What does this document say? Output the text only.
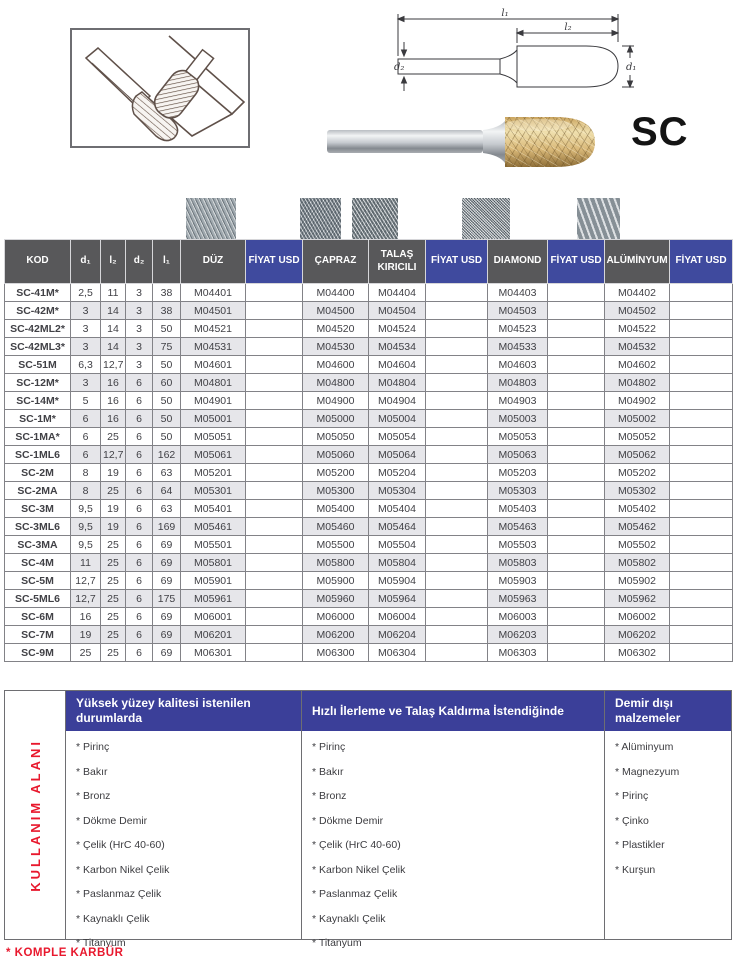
l₁
l₂
d₂	d₁
SC
KOD	d₁	l₂	d₂	l₁	DÜZ	FİYAT USD	ÇAPRAZ	TALAŞ KIRICILI	FİYAT USD	DIAMOND	FİYAT USD	ALÜMİNYUM	FİYAT USD
SC-41M*	2,5	11	3	38	M04401		M04400	M04404		M04403		M04402	
SC-42M*	3	14	3	38	M04501		M04500	M04504		M04503		M04502	
SC-42ML2*	3	14	3	50	M04521		M04520	M04524		M04523		M04522	
SC-42ML3*	3	14	3	75	M04531		M04530	M04534		M04533		M04532	
SC-51M	6,3	12,7	3	50	M04601		M04600	M04604		M04603		M04602	
SC-12M*	3	16	6	60	M04801		M04800	M04804		M04803		M04802	
SC-14M*	5	16	6	50	M04901		M04900	M04904		M04903		M04902	
SC-1M*	6	16	6	50	M05001		M05000	M05004		M05003		M05002	
SC-1MA*	6	25	6	50	M05051		M05050	M05054		M05053		M05052	
SC-1ML6	6	12,7	6	162	M05061		M05060	M05064		M05063		M05062	
SC-2M	8	19	6	63	M05201		M05200	M05204		M05203		M05202	
SC-2MA	8	25	6	64	M05301		M05300	M05304		M05303		M05302	
SC-3M	9,5	19	6	63	M05401		M05400	M05404		M05403		M05402	
SC-3ML6	9,5	19	6	169	M05461		M05460	M05464		M05463		M05462	
SC-3MA	9,5	25	6	69	M05501		M05500	M05504		M05503		M05502	
SC-4M	11	25	6	69	M05801		M05800	M05804		M05803		M05802	
SC-5M	12,7	25	6	69	M05901		M05900	M05904		M05903		M05902	
SC-5ML6	12,7	25	6	175	M05961		M05960	M05964		M05963		M05962	
SC-6M	16	25	6	69	M06001		M06000	M06004		M06003		M06002	
SC-7M	19	25	6	69	M06201		M06200	M06204		M06203		M06202	
SC-9M	25	25	6	69	M06301		M06300	M06304		M06303		M06302	
KULLANIM ALANI
Yüksek yüzey kalitesi istenilen durumlarda
* Pirinç
* Bakır
* Bronz
* Dökme Demir
* Çelik (HrC 40-60)
* Karbon Nikel Çelik
* Paslanmaz Çelik
* Kaynaklı Çelik
* Titanyum
Hızlı İlerleme ve Talaş Kaldırma İstendiğinde
* Pirinç
* Bakır
* Bronz
* Dökme Demir
* Çelik (HrC 40-60)
* Karbon Nikel Çelik
* Paslanmaz Çelik
* Kaynaklı Çelik
* Titanyum
Demir dışı malzemeler
* Alüminyum
* Magnezyum
* Pirinç
* Çinko
* Plastikler
* Kurşun
* KOMPLE KARBÜR
